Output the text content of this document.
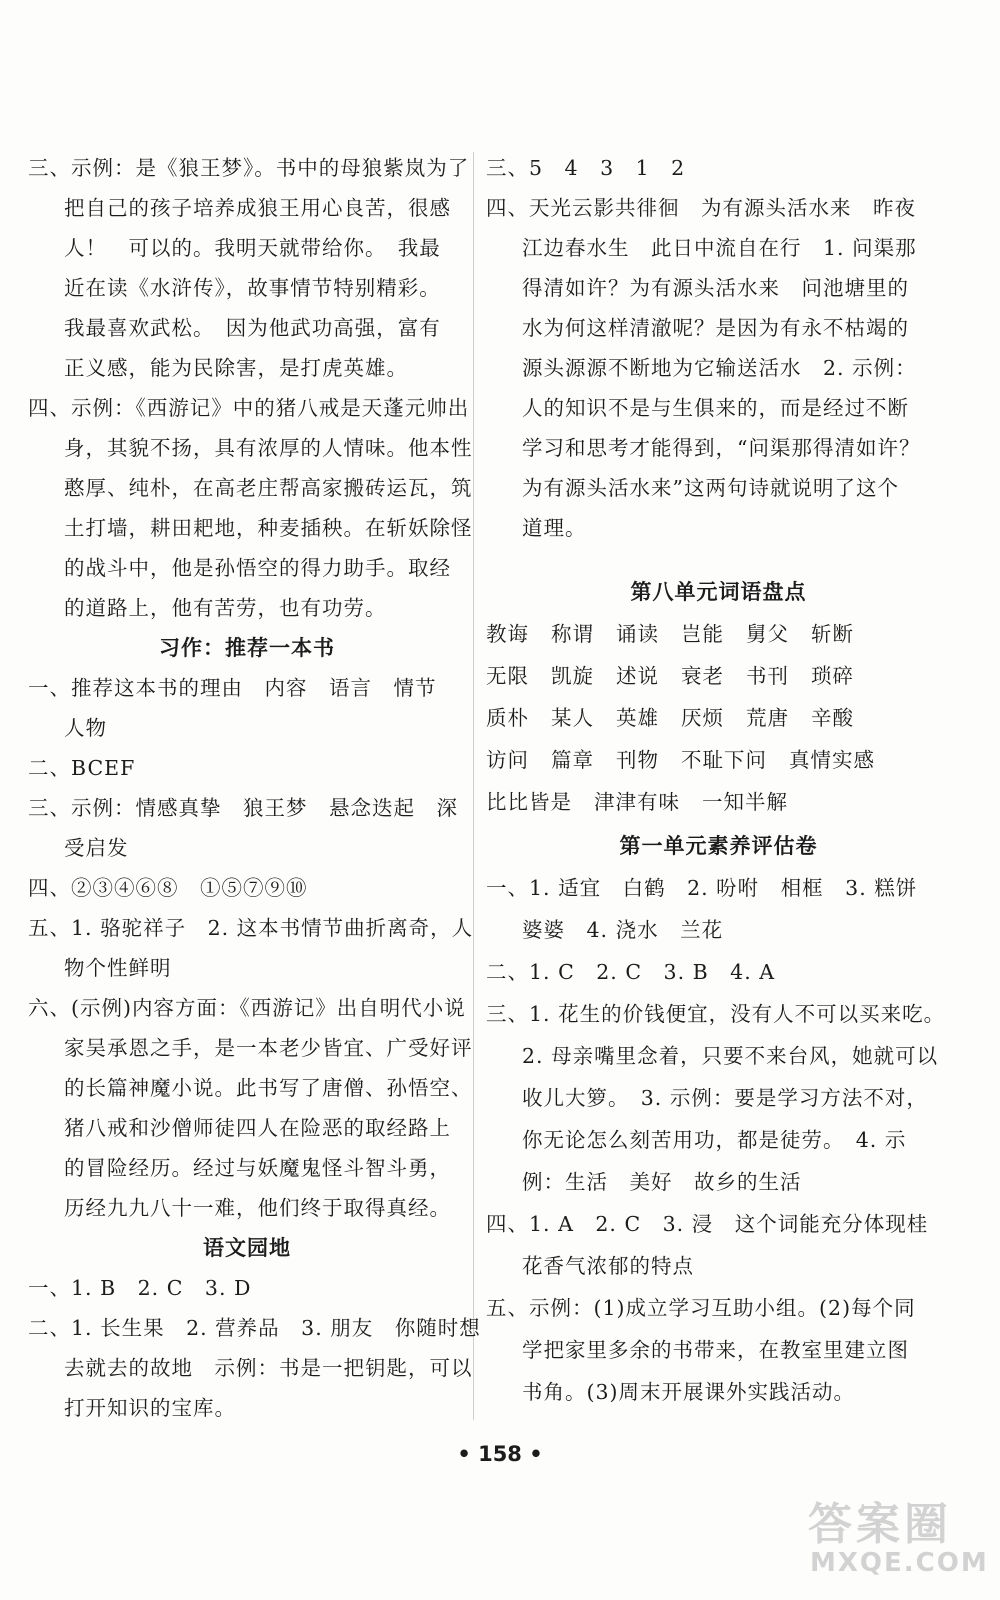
三、示例：是《狼王梦》。书中的母狼紫岚为了
把自己的孩子培养成狼王用心良苦，很感
人！　可以的。我明天就带给你。　我最
近在读《水浒传》，故事情节特别精彩。
我最喜欢武松。　因为他武功高强，富有
正义感，能为民除害，是打虎英雄。
四、示例：《西游记》中的猪八戒是天蓬元帅出
身，其貌不扬，具有浓厚的人情味。他本性
憨厚、纯朴，在高老庄帮高家搬砖运瓦，筑
土打墙，耕田耙地，种麦插秧。在斩妖除怪
的战斗中，他是孙悟空的得力助手。取经
的道路上，他有苦劳，也有功劳。
习作：推荐一本书
一、推荐这本书的理由　内容　语言　情节
人物
二、BCEF
三、示例：情感真挚　狼王梦　悬念迭起　深
受启发
四、②③④⑥⑧　①⑤⑦⑨⑩
五、1. 骆驼祥子　2. 这本书情节曲折离奇，人
物个性鲜明
六、(示例)内容方面：《西游记》出自明代小说
家吴承恩之手，是一本老少皆宜、广受好评
的长篇神魔小说。此书写了唐僧、孙悟空、
猪八戒和沙僧师徒四人在险恶的取经路上
的冒险经历。经过与妖魔鬼怪斗智斗勇，
历经九九八十一难，他们终于取得真经。
语文园地
一、1. B　2. C　3. D
二、1. 长生果　2. 营养品　3. 朋友　你随时想
去就去的故地　示例：书是一把钥匙，可以
打开知识的宝库。
三、5　4　3　1　2
四、天光云影共徘徊　为有源头活水来　昨夜
江边春水生　此日中流自在行　1. 问渠那
得清如许？为有源头活水来　问池塘里的
水为何这样清澈呢？是因为有永不枯竭的
源头源源不断地为它输送活水　2. 示例：
人的知识不是与生俱来的，而是经过不断
学习和思考才能得到，“问渠那得清如许？
为有源头活水来”这两句诗就说明了这个
道理。
第八单元词语盘点
教诲 称谓 诵读 岂能 舅父 斩断
无限 凯旋 述说 衰老 书刊 琐碎
质朴 某人 英雄 厌烦 荒唐 辛酸
访问 篇章 刊物 不耻下问 真情实感
比比皆是 津津有味 一知半解
第一单元素养评估卷
一、1. 适宜　白鹤　2. 吩咐　相框　3. 糕饼
婆婆　4. 浇水　兰花
二、1. C　2. C　3. B　4. A
三、1. 花生的价钱便宜，没有人不可以买来吃。
2. 母亲嘴里念着，只要不来台风，她就可以
收儿大箩。　3. 示例：要是学习方法不对，
你无论怎么刻苦用功，都是徒劳。　4. 示
例：生活　美好　故乡的生活
四、1. A　2. C　3. 浸　这个词能充分体现桂
花香气浓郁的特点
五、示例：(1)成立学习互助小组。(2)每个同
学把家里多余的书带来，在教室里建立图
书角。(3)周末开展课外实践活动。
• 158 •
答案圈
MXQE.COM
